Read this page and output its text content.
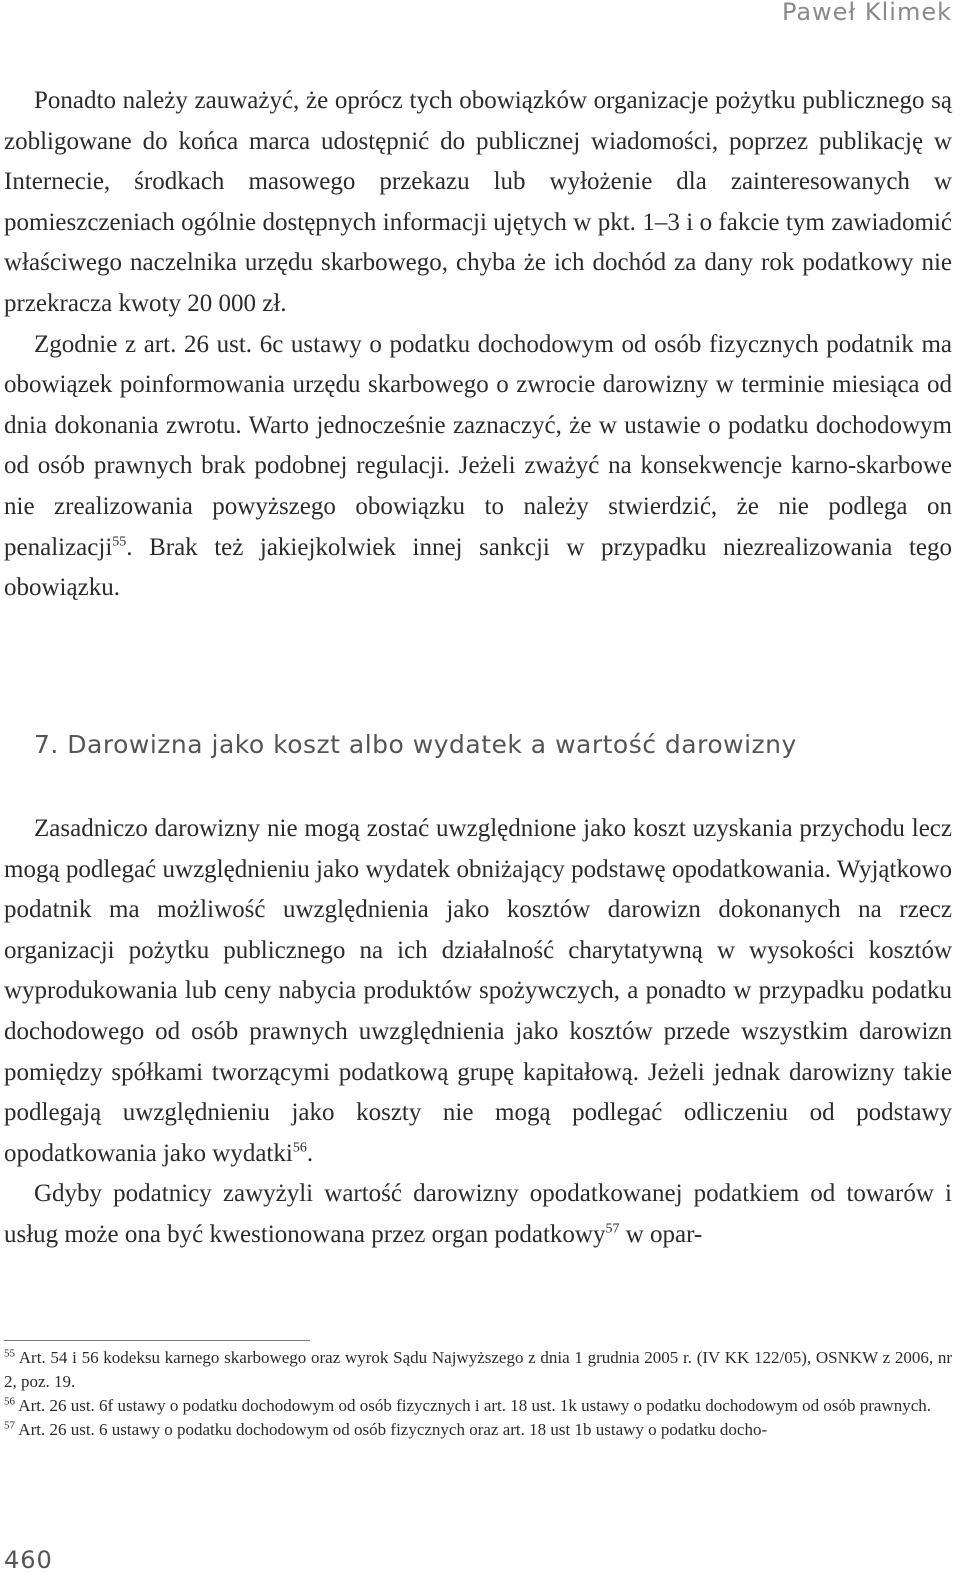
Paweł Klimek

Ponadto należy zauważyć, że oprócz tych obowiązków organizacje pożytku publicznego są zobligowane do końca marca udostępnić do publicznej wiadomości, poprzez publikację w Internecie, środkach masowego przekazu lub wyłożenie dla zainteresowanych w pomieszczeniach ogólnie dostępnych informacji ujętych w pkt. 1–3 i o fakcie tym zawiadomić właściwego naczelnika urzędu skarbowego, chyba że ich dochód za dany rok podatkowy nie przekracza kwoty 20 000 zł.

Zgodnie z art. 26 ust. 6c ustawy o podatku dochodowym od osób fizycznych podatnik ma obowiązek poinformowania urzędu skarbowego o zwrocie darowizny w terminie miesiąca od dnia dokonania zwrotu. Warto jednocześnie zaznaczyć, że w ustawie o podatku dochodowym od osób prawnych brak podobnej regulacji. Jeżeli zważyć na konsekwencje karno-skarbowe nie zrealizowania powyższego obowiązku to należy stwierdzić, że nie podlega on penalizacji$^{55}$. Brak też jakiejkolwiek innej sankcji w przypadku niezrealizowania tego obowiązku.

7. Darowizna jako koszt albo wydatek a wartość darowizny

Zasadniczo darowizny nie mogą zostać uwzględnione jako koszt uzyskania przychodu lecz mogą podlegać uwzględnieniu jako wydatek obniżający podstawę opodatkowania. Wyjątkowo podatnik ma możliwość uwzględnienia jako kosztów darowizn dokonanych na rzecz organizacji pożytku publicznego na ich działalność charytatywną w wysokości kosztów wyprodukowania lub ceny nabycia produktów spożywczych, a ponadto w przypadku podatku dochodowego od osób prawnych uwzględnienia jako kosztów przede wszystkim darowizn pomiędzy spółkami tworzącymi podatkową grupę kapitałową. Jeżeli jednak darowizny takie podlegają uwzględnieniu jako koszty nie mogą podlegać odliczeniu od podstawy opodatkowania jako wydatki$^{56}$.

Gdyby podatnicy zawyżyli wartość darowizny opodatkowanej podatkiem od towarów i usług może ona być kwestionowana przez organ podatkowy$^{57}$ w opar-

$^{55}$ Art. 54 i 56 kodeksu karnego skarbowego oraz wyrok Sądu Najwyższego z dnia 1 grudnia 2005 r. (IV KK 122/05), OSNKW z 2006, nr 2, poz. 19.

$^{56}$ Art. 26 ust. 6f ustawy o podatku dochodowym od osób fizycznych i art. 18 ust. 1k ustawy o podatku dochodowym od osób prawnych.

$^{57}$ Art. 26 ust. 6 ustawy o podatku dochodowym od osób fizycznych oraz art. 18 ust 1b ustawy o podatku docho-

460
